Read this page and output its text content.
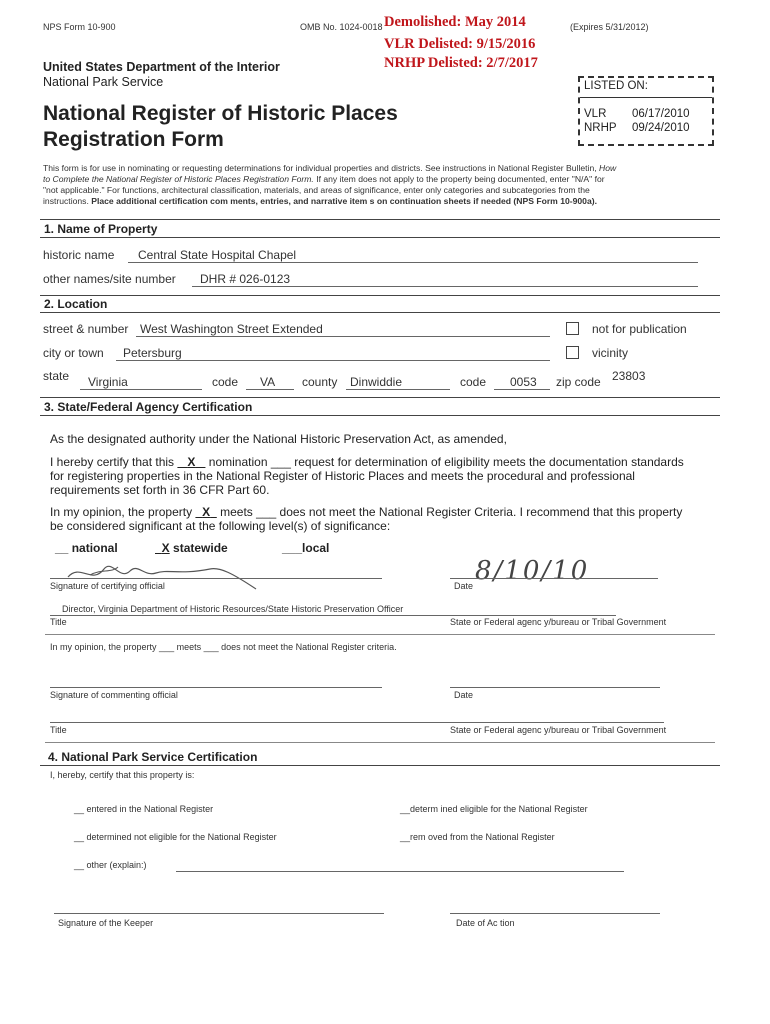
NPS Form 10-900	OMB No. 1024-0018	(Expires 5/31/2012)
Demolished: May 2014
VLR Delisted: 9/15/2016
NRHP Delisted: 2/7/2017
United States Department of the Interior
National Park Service
National Register of Historic Places
Registration Form
LISTED ON:
VLR 06/17/2010
NRHP 09/24/2010
This form is for use in nominating or requesting determinations for individual properties and districts. See instructions in National Register Bulletin, How
to Complete the National Register of Historic Places Registration Form. If any item does not apply to the property being documented, enter "N/A" for
"not applicable." For functions, architectural classification, materials, and areas of significance, enter only categories and subcategories from the
instructions. Place additional certification com ments, entries, and narrative item s on continuation sheets if needed (NPS Form 10-900a).
1. Name of Property
historic name Central State Hospital Chapel
other names/site number DHR # 026-0123
2. Location
street & number West Washington Street Extended	not for publication
city or town Petersburg	vicinity
state Virginia	code VA county Dinwiddie	code 0053 zip code 23803
3. State/Federal Agency Certification
As the designated authority under the National Historic Preservation Act, as amended,
I hereby certify that this X nomination ___ request for determination of eligibility meets the documentation standards
for registering properties in the National Register of Historic Places and meets the procedural and professional
requirements set forth in 36 CFR Part 60.
In my opinion, the property X meets ___ does not meet the National Register Criteria. I recommend that this property
be considered significant at the following level(s) of significance:
__ national	X statewide	___local
Signature of certifying official	8/10/10
Date
Director, Virginia Department of Historic Resources/State Historic Preservation Officer
Title	State or Federal agenc y/bureau or Tribal Government
In my opinion, the property ___ meets ___ does not meet the National Register criteria.
Signature of commenting official	Date
Title	State or Federal agenc y/bureau or Tribal Government
4. National Park Service Certification
I, hereby, certify that this property is:
__ entered in the National Register	__determ ined eligible for the National Register
__ determined not eligible for the National Register	__rem oved from the National Register
__ other (explain:)
Signature of the Keeper	Date of Ac tion
